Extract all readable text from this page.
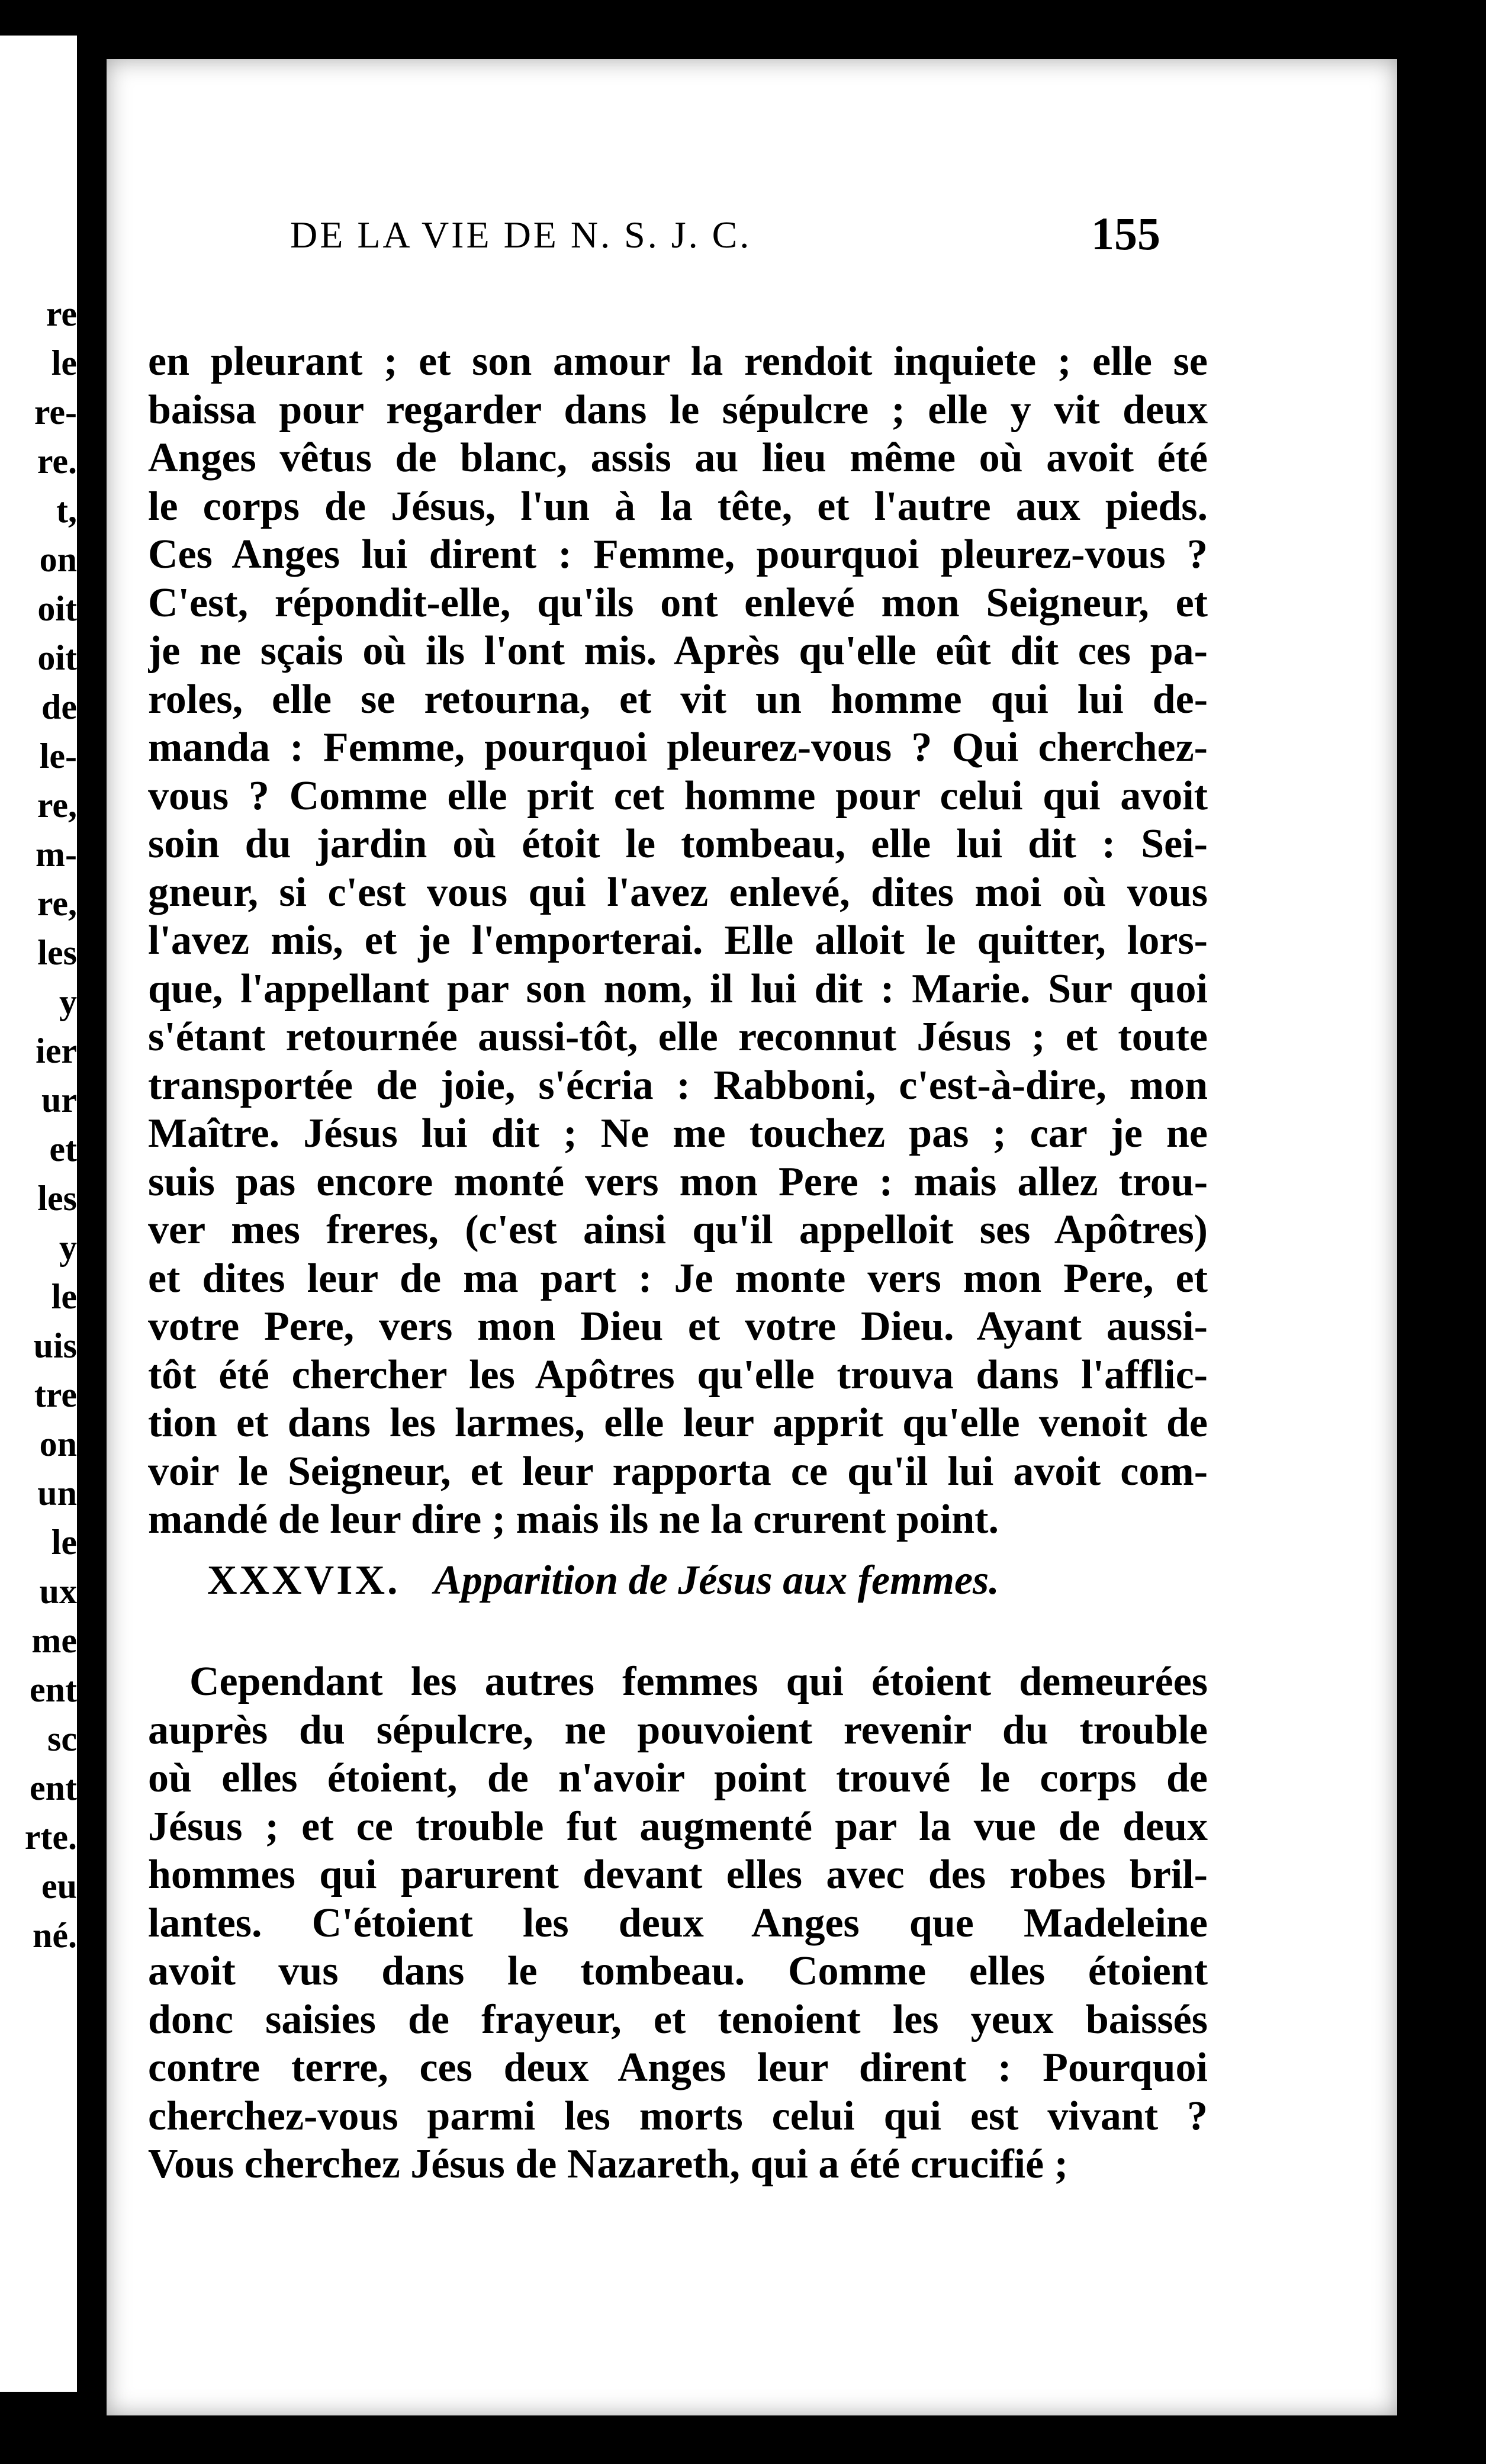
re
le
re-
re.
t,
on
oit
oit
de
le-
re,
m-
re,
les
y
ier
ur
et
les
y
le
uis
tre
on
un
le
ux
me
ent
sc
ent
rte.
eu
né.
DE LA VIE DE N. S. J. C.	155
en pleurant ; et son amour la rendoit inquiete ; elle se
baissa pour regarder dans le sépulcre ; elle y vit deux
Anges vêtus de blanc, assis au lieu même où avoit été
le corps de Jésus, l'un à la tête, et l'autre aux pieds.
Ces Anges lui dirent : Femme, pourquoi pleurez-vous ?
C'est, répondit-elle, qu'ils ont enlevé mon Seigneur, et
je ne sçais où ils l'ont mis. Après qu'elle eût dit ces pa-
roles, elle se retourna, et vit un homme qui lui de-
manda : Femme, pourquoi pleurez-vous ? Qui cherchez-
vous ? Comme elle prit cet homme pour celui qui avoit
soin du jardin où étoit le tombeau, elle lui dit : Sei-
gneur, si c'est vous qui l'avez enlevé, dites moi où vous
l'avez mis, et je l'emporterai. Elle alloit le quitter, lors-
que, l'appellant par son nom, il lui dit : Marie. Sur quoi
s'étant retournée aussi-tôt, elle reconnut Jésus ; et toute
transportée de joie, s'écria : Rabboni, c'est-à-dire, mon
Maître. Jésus lui dit ; Ne me touchez pas ; car je ne
suis pas encore monté vers mon Pere : mais allez trou-
ver mes freres, (c'est ainsi qu'il appelloit ses Apôtres)
et dites leur de ma part : Je monte vers mon Pere, et
votre Pere, vers mon Dieu et votre Dieu. Ayant aussi-
tôt été chercher les Apôtres qu'elle trouva dans l'afflic-
tion et dans les larmes, elle leur apprit qu'elle venoit de
voir le Seigneur, et leur rapporta ce qu'il lui avoit com-
mandé de leur dire ; mais ils ne la crurent point.
XXXVIX. Apparition de Jésus aux femmes.
Cependant les autres femmes qui étoient demeurées
auprès du sépulcre, ne pouvoient revenir du trouble
où elles étoient, de n'avoir point trouvé le corps de
Jésus ; et ce trouble fut augmenté par la vue de deux
hommes qui parurent devant elles avec des robes bril-
lantes. C'étoient les deux Anges que Madeleine
avoit vus dans le tombeau. Comme elles étoient
donc saisies de frayeur, et tenoient les yeux baissés
contre terre, ces deux Anges leur dirent : Pourquoi
cherchez-vous parmi les morts celui qui est vivant ?
Vous cherchez Jésus de Nazareth, qui a été crucifié ;
